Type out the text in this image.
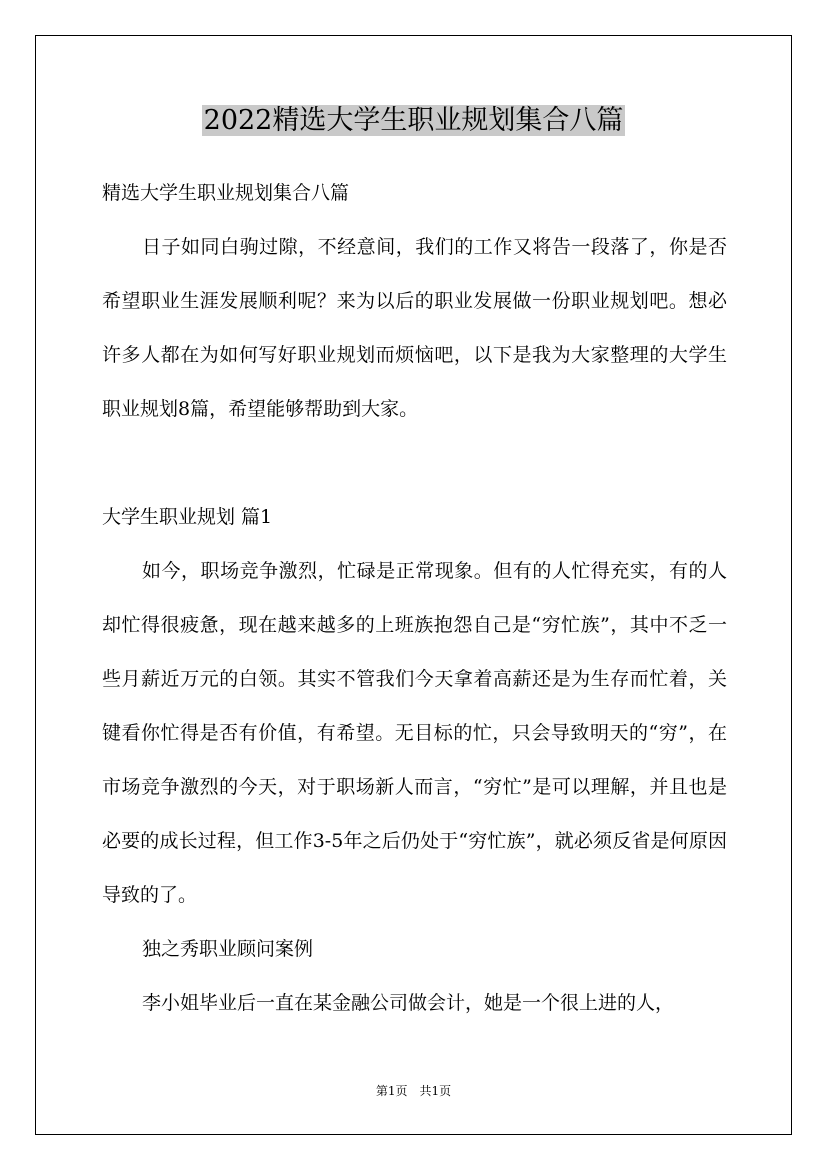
2022精选大学生职业规划集合八篇

精选大学生职业规划集合八篇

日子如同白驹过隙，不经意间，我们的工作又将告一段落了，你是否希望职业生涯发展顺利呢？来为以后的职业发展做一份职业规划吧。想必许多人都在为如何写好职业规划而烦恼吧，以下是我为大家整理的大学生职业规划8篇，希望能够帮助到大家。

大学生职业规划 篇1

如今，职场竞争激烈，忙碌是正常现象。但有的人忙得充实，有的人却忙得很疲惫，现在越来越多的上班族抱怨自己是“穷忙族”，其中不乏一些月薪近万元的白领。其实不管我们今天拿着高薪还是为生存而忙着，关键看你忙得是否有价值，有希望。无目标的忙，只会导致明天的“穷”，在市场竞争激烈的今天，对于职场新人而言，“穷忙”是可以理解，并且也是必要的成长过程，但工作3-5年之后仍处于“穷忙族”，就必须反省是何原因导致的了。

独之秀职业顾问案例

李小姐毕业后一直在某金融公司做会计，她是一个很上进的人，

第1页　共1页
